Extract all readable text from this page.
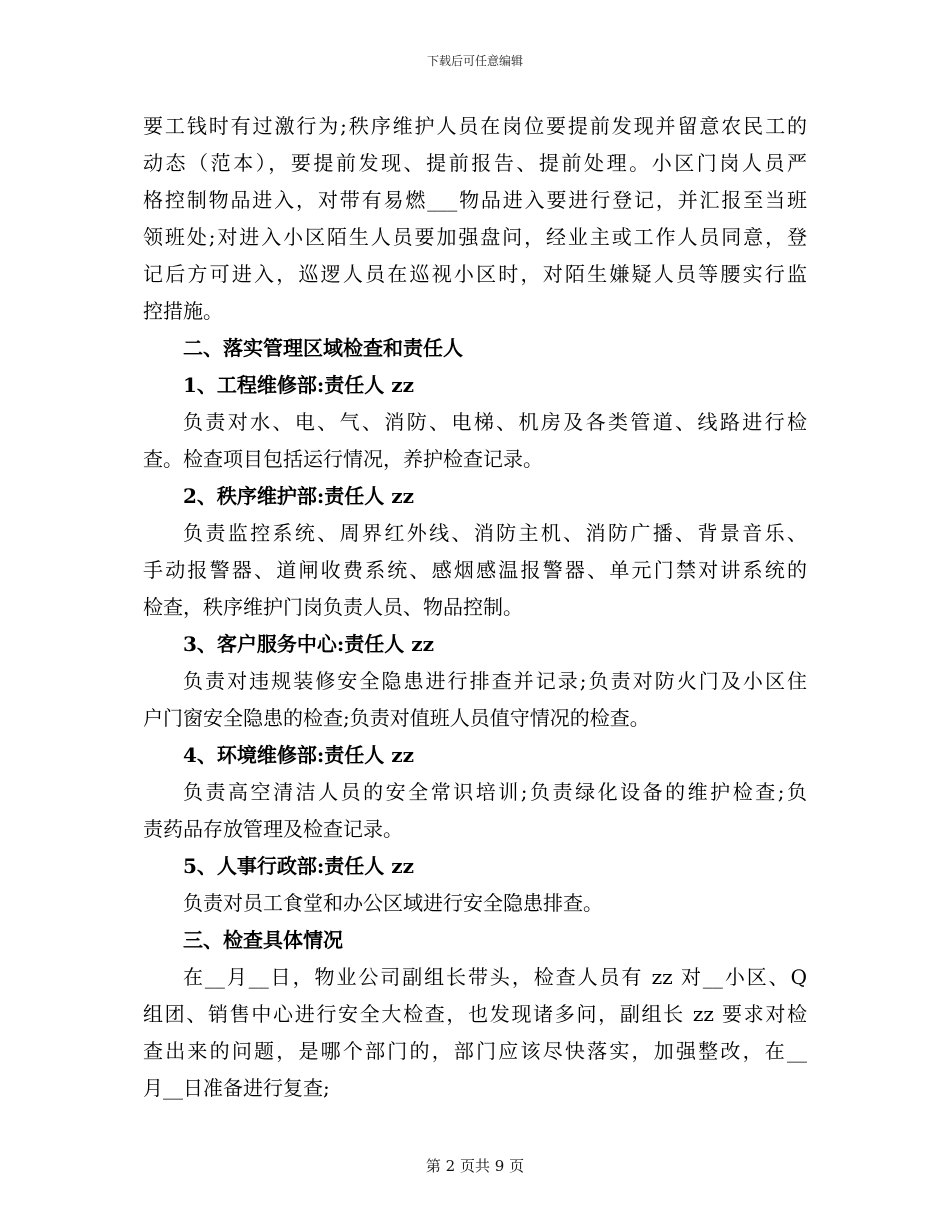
下载后可任意编辑

要工钱时有过激行为;秩序维护人员在岗位要提前发现并留意农民工的
动态（范本），要提前发现、提前报告、提前处理。小区门岗人员严
格控制物品进入，对带有易燃___物品进入要进行登记，并汇报至当班
领班处;对进入小区陌生人员要加强盘问，经业主或工作人员同意，登
记后方可进入，巡逻人员在巡视小区时，对陌生嫌疑人员等腰实行监
控措施。

二、落实管理区域检查和责任人

1、工程维修部:责任人 zz

负责对水、电、气、消防、电梯、机房及各类管道、线路进行检
查。检查项目包括运行情况，养护检查记录。

2、秩序维护部:责任人 zz

负责监控系统、周界红外线、消防主机、消防广播、背景音乐、
手动报警器、道闸收费系统、感烟感温报警器、单元门禁对讲系统的
检查，秩序维护门岗负责人员、物品控制。

3、客户服务中心:责任人 zz

负责对违规装修安全隐患进行排查并记录;负责对防火门及小区住
户门窗安全隐患的检查;负责对值班人员值守情况的检查。

4、环境维修部:责任人 zz

负责高空清洁人员的安全常识培训;负责绿化设备的维护检查;负
责药品存放管理及检查记录。

5、人事行政部:责任人 zz

负责对员工食堂和办公区域进行安全隐患排查。

三、检查具体情况

在__月__日，物业公司副组长带头，检查人员有 zz 对__小区、Q
组团、销售中心进行安全大检查，也发现诸多问，副组长 zz 要求对检
查出来的问题，是哪个部门的，部门应该尽快落实，加强整改，在__
月__日准备进行复查;

第 2 页共 9 页
